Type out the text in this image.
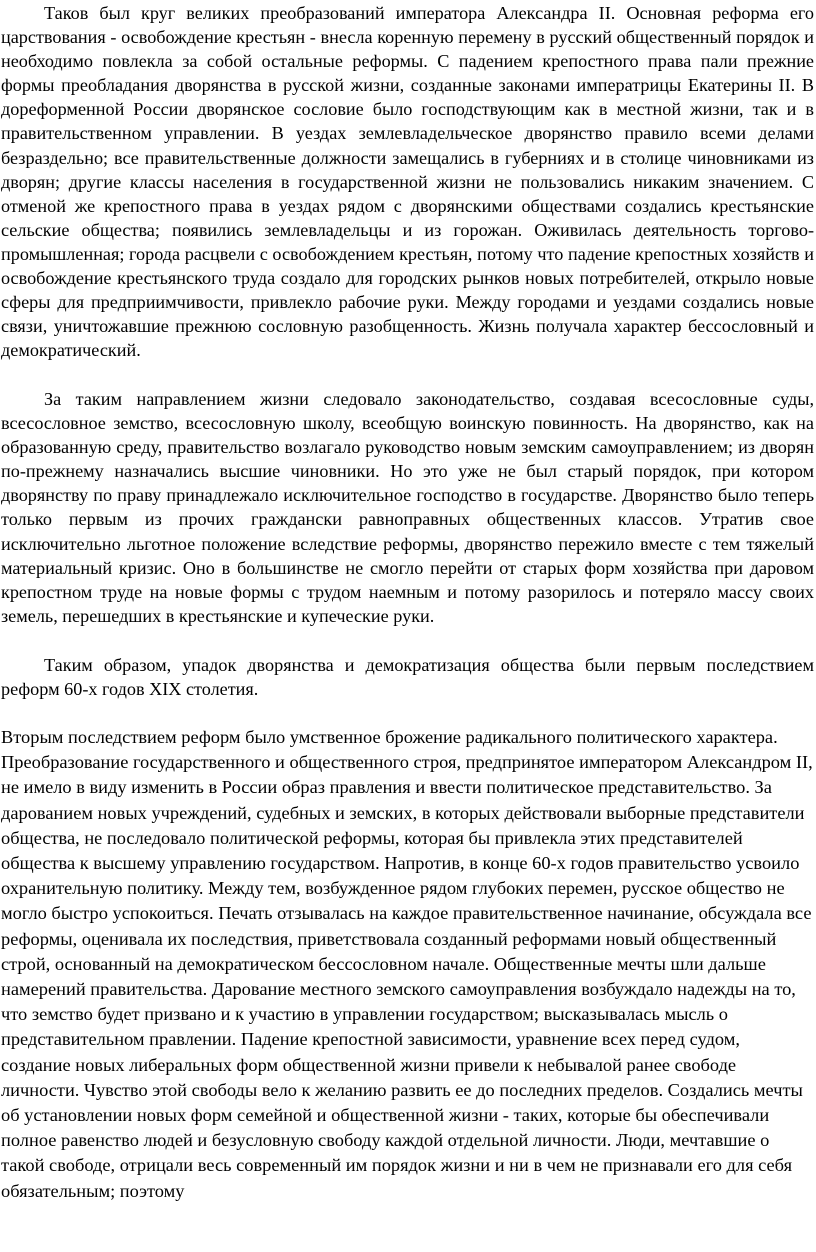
Таков был круг великих преобразований императора Александра II. Основная реформа его царствования - освобождение крестьян - внесла коренную перемену в русский общественный порядок и необходимо повлекла за собой остальные реформы. С падением крепостного права пали прежние формы преобладания дворянства в русской жизни, созданные законами императрицы Екатерины II. В дореформенной России дворянское сословие было господствующим как в местной жизни, так и в правительственном управлении. В уездах землевладельческое дворянство правило всеми делами безраздельно; все правительственные должности замещались в губерниях и в столице чиновниками из дворян; другие классы населения в государственной жизни не пользовались никаким значением. С отменой же крепостного права в уездах рядом с дворянскими обществами создались крестьянские сельские общества; появились землевладельцы и из горожан. Оживилась деятельность торгово-промышленная; города расцвели с освобождением крестьян, потому что падение крепостных хозяйств и освобождение крестьянского труда создало для городских рынков новых потребителей, открыло новые сферы для предприимчивости, привлекло рабочие руки. Между городами и уездами создались новые связи, уничтожавшие прежнюю сословную разобщенность. Жизнь получала характер бессословный и демократический.

За таким направлением жизни следовало законодательство, создавая всесословные суды, всесословное земство, всесословную школу, всеобщую воинскую повинность. На дворянство, как на образованную среду, правительство возлагало руководство новым земским самоуправлением; из дворян по-прежнему назначались высшие чиновники. Но это уже не был старый порядок, при котором дворянству по праву принадлежало исключительное господство в государстве. Дворянство было теперь только первым из прочих граждански равноправных общественных классов. Утратив свое исключительно льготное положение вследствие реформы, дворянство пережило вместе с тем тяжелый материальный кризис. Оно в большинстве не смогло перейти от старых форм хозяйства при даровом крепостном труде на новые формы с трудом наемным и потому разорилось и потеряло массу своих земель, перешедших в крестьянские и купеческие руки.

Таким образом, упадок дворянства и демократизация общества были первым последствием реформ 60-х годов XIX столетия.

Вторым последствием реформ было умственное брожение радикального политического характера. Преобразование государственного и общественного строя, предпринятое императором Александром II, не имело в виду изменить в России образ правления и ввести политическое представительство. За дарованием новых учреждений, судебных и земских, в которых действовали выборные представители общества, не последовало политической реформы, которая бы привлекла этих представителей общества к высшему управлению государством. Напротив, в конце 60-х годов правительство усвоило охранительную политику. Между тем, возбужденное рядом глубоких перемен, русское общество не могло быстро успокоиться. Печать отзывалась на каждое правительственное начинание, обсуждала все реформы, оценивала их последствия, приветствовала созданный реформами новый общественный строй, основанный на демократическом бессословном начале. Общественные мечты шли дальше намерений правительства. Дарование местного земского самоуправления возбуждало надежды на то, что земство будет призвано и к участию в управлении государством; высказывалась мысль о представительном правлении. Падение крепостной зависимости, уравнение всех перед судом, создание новых либеральных форм общественной жизни привели к небывалой ранее свободе личности. Чувство этой свободы вело к желанию развить ее до последних пределов. Создались мечты об установлении новых форм семейной и общественной жизни - таких, которые бы обеспечивали полное равенство людей и безусловную свободу каждой отдельной личности. Люди, мечтавшие о такой свободе, отрицали весь современный им порядок жизни и ни в чем не признавали его для себя обязательным; поэтому
